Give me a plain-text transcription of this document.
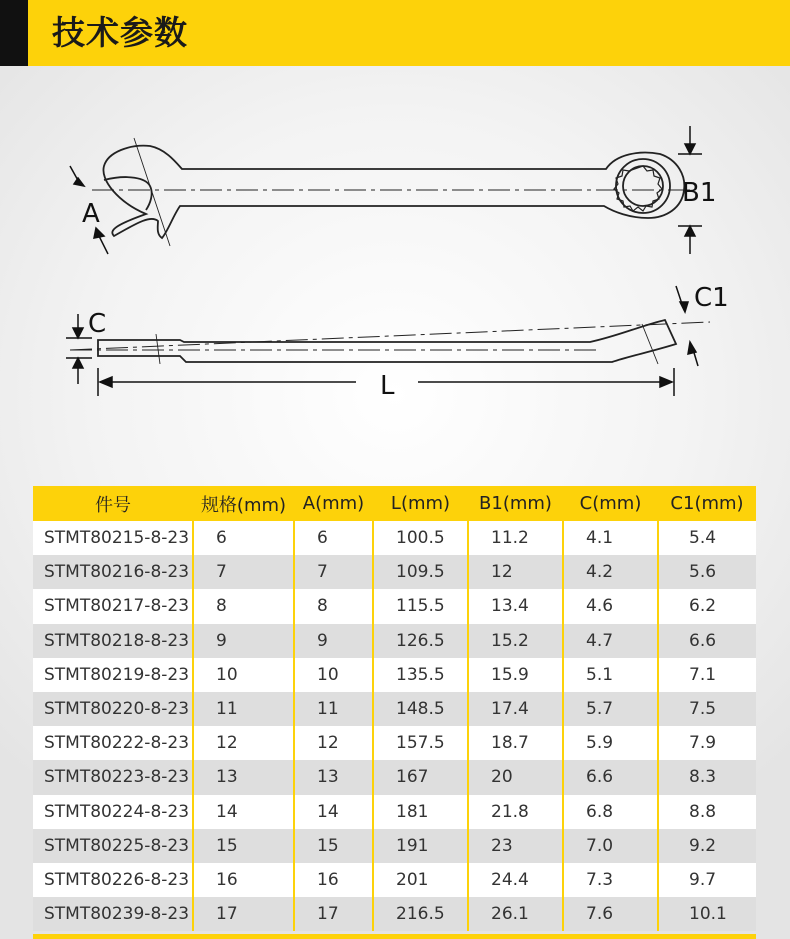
技术参数
A
B1
C
C1
L
件号	规格(mm)	A(mm)	L(mm)	B1(mm)	C(mm)	C1(mm)
STMT80215-8-23	6	6	100.5	11.2	4.1	5.4
STMT80216-8-23	7	7	109.5	12	4.2	5.6
STMT80217-8-23	8	8	115.5	13.4	4.6	6.2
STMT80218-8-23	9	9	126.5	15.2	4.7	6.6
STMT80219-8-23	10	10	135.5	15.9	5.1	7.1
STMT80220-8-23	11	11	148.5	17.4	5.7	7.5
STMT80222-8-23	12	12	157.5	18.7	5.9	7.9
STMT80223-8-23	13	13	167	20	6.6	8.3
STMT80224-8-23	14	14	181	21.8	6.8	8.8
STMT80225-8-23	15	15	191	23	7.0	9.2
STMT80226-8-23	16	16	201	24.4	7.3	9.7
STMT80239-8-23	17	17	216.5	26.1	7.6	10.1
